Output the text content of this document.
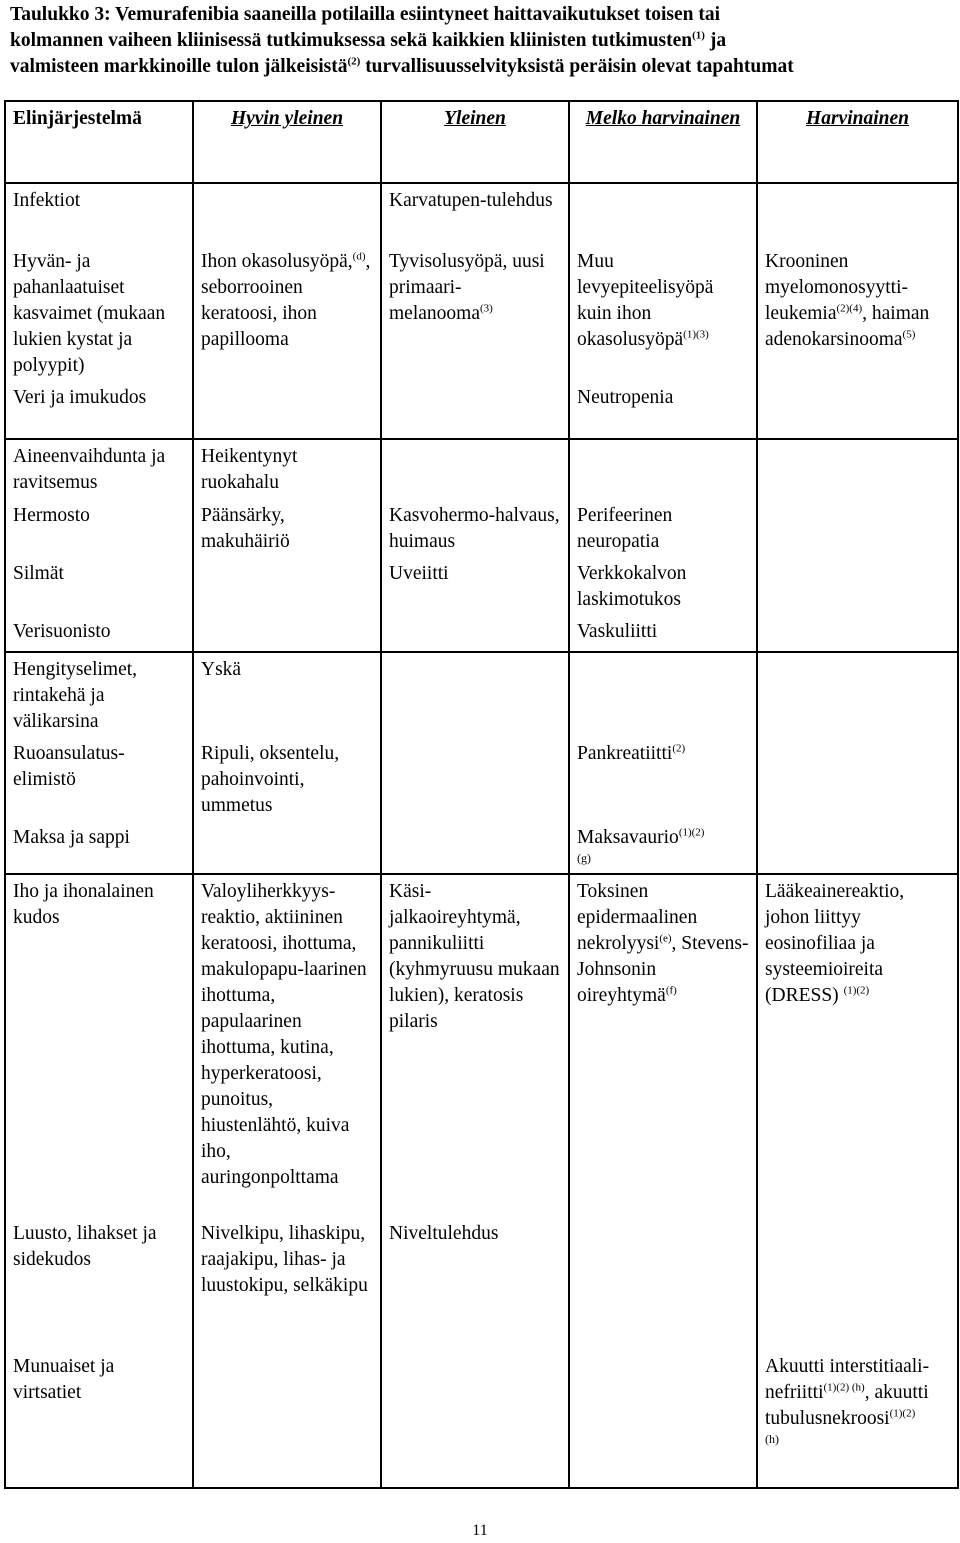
Taulukko 3: Vemurafenibia saaneilla potilailla esiintyneet haittavaikutukset toisen tai
kolmannen vaiheen kliinisessä tutkimuksessa sekä kaikkien kliinisten tutkimusten$^{(1)}$ ja
valmisteen markkinoille tulon jälkeisistä$^{(2)}$ turvallisuusselvityksistä peräisin olevat tapahtumat
Elinjärjestelmä	Hyvin yleinen	Yleinen	Melko harvinainen	Harvinainen
Infektiot		Karvatupen-tulehdus		
Hyvän- ja pahanlaatuiset kasvaimet (mukaan lukien kystat ja polyypit)	Ihon okasolusyöpä,$^{(d)}$, seborrooinen keratoosi, ihon papillooma	Tyvisolusyöpä, uusi primaari-melanooma$^{(3)}$	Muu levyepiteelisyöpä kuin ihon okasolusyöpä$^{(1)(3)}$	Krooninen myelomonosyytti-leukemia$^{(2)(4)}$, haiman adenokarsinooma$^{(5)}$
Veri ja imukudos			Neutropenia	
Aineenvaihdunta ja ravitsemus	Heikentynyt ruokahalu			
Hermosto	Päänsärky, makuhäiriö	Kasvohermo-halvaus, huimaus	Perifeerinen neuropatia	
Silmät		Uveiitti	Verkkokalvon laskimotukos	
Verisuonisto			Vaskuliitti	
Hengityselimet, rintakehä ja välikarsina	Yskä			
Ruoansulatus-elimistö	Ripuli, oksentelu, pahoinvointi, ummetus		Pankreatiitti$^{(2)}$	
Maksa ja sappi			Maksavaurio$^{(1)(2)}$
(g)	

Iho ja ihonalainen kudos	Valoyliherkkyys-reaktio, aktiininen keratoosi, ihottuma, makulopapu-laarinen ihottuma, papulaarinen ihottuma, kutina, hyperkeratoosi, punoitus, hiustenlähtö, kuiva iho, auringonpolttama	Käsi-jalkaoireyhtymä, pannikuliitti (kyhmyruusu mukaan lukien), keratosis pilaris	Toksinen epidermaalinen nekrolyysi$^{(e)}$, Stevens-Johnsonin oireyhtymä$^{(f)}$	Lääkeainereaktio, johon liittyy eosinofiliaa ja systeemioireita (DRESS) $^{(1)(2)}$
Luusto, lihakset ja sidekudos	Nivelkipu, lihaskipu, raajakipu, lihas- ja luustokipu, selkäkipu	Niveltulehdus		
Munuaiset ja virtsatiet				Akuutti interstitiaali-nefriitti$^{(1)(2) (h)}$, akuutti tubulusnekroosi$^{(1)(2)}$
(h)
11
